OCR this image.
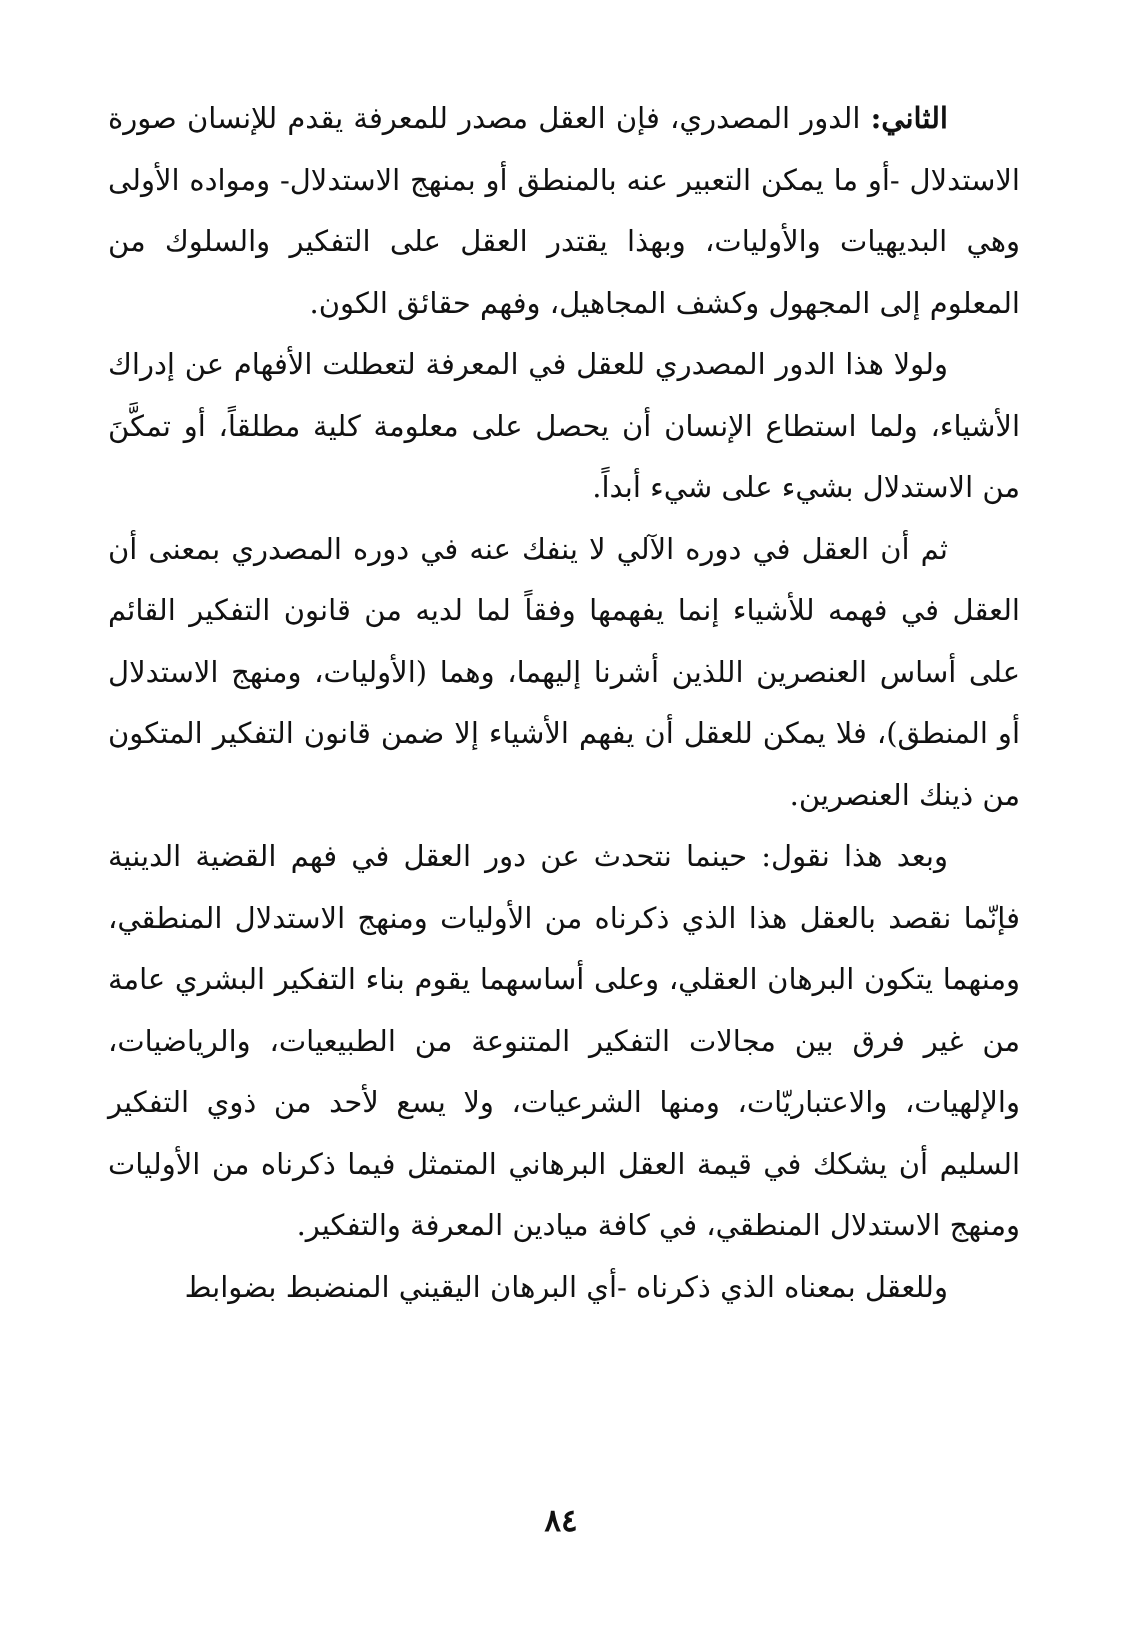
الثاني: الدور المصدري، فإن العقل مصدر للمعرفة يقدم للإنسان صورة الاستدلال -أو ما يمكن التعبير عنه بالمنطق أو بمنهج الاستدلال- ومواده الأولى وهي البديهيات والأوليات، وبهذا يقتدر العقل على التفكير والسلوك من المعلوم إلى المجهول وكشف المجاهيل، وفهم حقائق الكون.

ولولا هذا الدور المصدري للعقل في المعرفة لتعطلت الأفهام عن إدراك الأشياء، ولما استطاع الإنسان أن يحصل على معلومة كلية مطلقاً، أو تمكَّنَ من الاستدلال بشيء على شيء أبداً.

ثم أن العقل في دوره الآلي لا ينفك عنه في دوره المصدري بمعنى أن العقل في فهمه للأشياء إنما يفهمها وفقاً لما لديه من قانون التفكير القائم على أساس العنصرين اللذين أشرنا إليهما، وهما (الأوليات، ومنهج الاستدلال أو المنطق)، فلا يمكن للعقل أن يفهم الأشياء إلا ضمن قانون التفكير المتكون من ذينك العنصرين.

وبعد هذا نقول: حينما نتحدث عن دور العقل في فهم القضية الدينية فإنّما نقصد بالعقل هذا الذي ذكرناه من الأوليات ومنهج الاستدلال المنطقي، ومنهما يتكون البرهان العقلي، وعلى أساسهما يقوم بناء التفكير البشري عامة من غير فرق بين مجالات التفكير المتنوعة من الطبيعيات، والرياضيات، والإلهيات، والاعتباريّات، ومنها الشرعيات، ولا يسع لأحد من ذوي التفكير السليم أن يشكك في قيمة العقل البرهاني المتمثل فيما ذكرناه من الأوليات ومنهج الاستدلال المنطقي، في كافة ميادين المعرفة والتفكير.

وللعقل بمعناه الذي ذكرناه -أي البرهان اليقيني المنضبط بضوابط

٨٤
